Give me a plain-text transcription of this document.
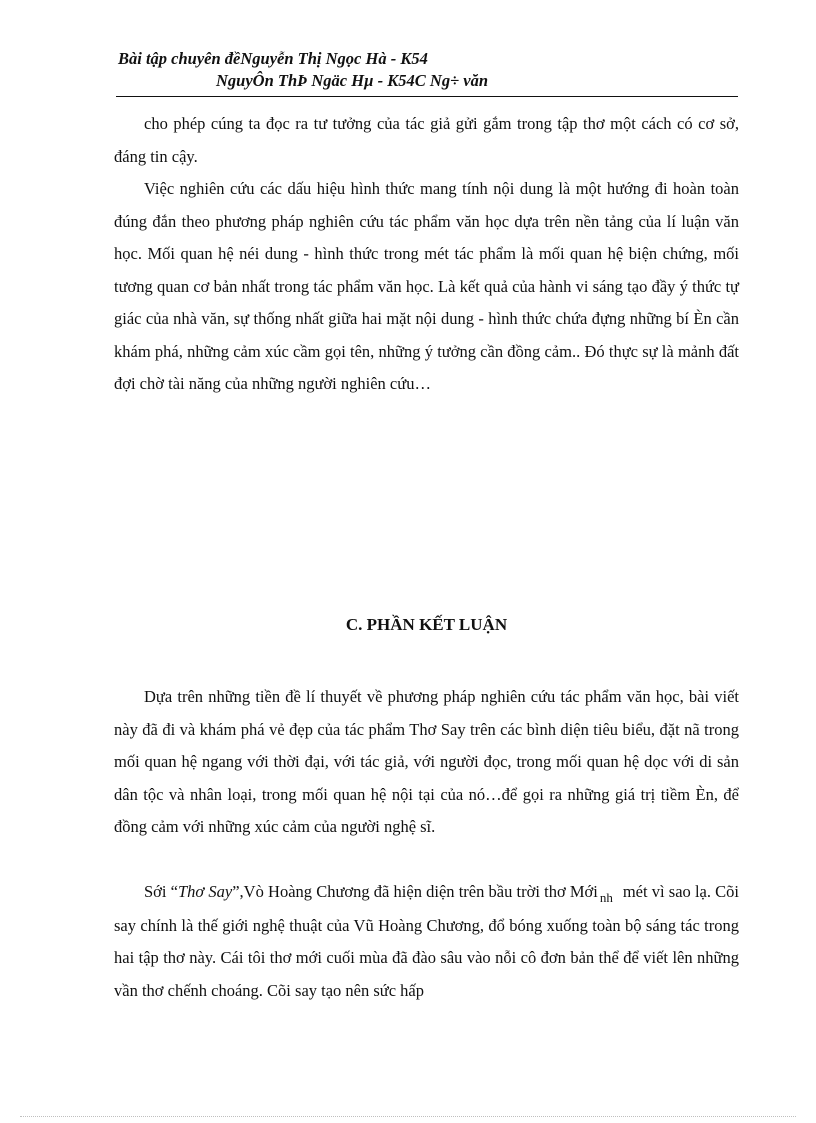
Bài tập chuyên đềNguyễn Thị Ngọc Hà - K54
NguyÔn ThÞ Ngäc Hµ - K54C Ng÷ văn

cho phép cúng ta đọc ra tư tưởng của tác giả gửi gắm trong tập thơ một cách có cơ sở, đáng tin cậy.

Việc nghiên cứu các dấu hiệu hình thức mang tính nội dung là một hướng đi hoàn toàn đúng đắn theo phương pháp nghiên cứu tác phẩm văn học dựa trên nền tảng của lí luận văn học. Mối quan hệ néi dung - hình thức trong mét tác phẩm là mối quan hệ biện chứng, mối tương quan cơ bản nhất trong tác phẩm văn học. Là kết quả của hành vi sáng tạo đầy ý thức tự giác của nhà văn, sự thống nhất giữa hai mặt nội dung - hình thức chứa đựng những bí Èn cần khám phá, những cảm xúc cầm gọi tên, những ý tưởng cần đồng cảm.. Đó thực sự là mảnh đất đợi chờ tài năng của những người nghiên cứu…

C. PHẦN KẾT LUẬN

Dựa trên những tiền đề lí thuyết về phương pháp nghiên cứu tác phẩm văn học, bài viết này đã đi và khám phá vẻ đẹp của tác phẩm Thơ Say trên các bình diện tiêu biểu, đặt nã trong mối quan hệ ngang với thời đại, với tác giả, với người đọc, trong mối quan hệ dọc với di sản dân tộc và nhân loại, trong mối quan hệ nội tại của nó…để gọi ra những giá trị tiềm Èn, để đồng cảm với những xúc cảm của người nghệ sĩ.

Sới “Thơ Say”,Vò Hoàng Chương đã hiện diện trên bầu trời thơ Mới $_{nh}$ mét vì sao lạ. Cõi say chính là thế giới nghệ thuật của Vũ Hoàng Chương, đổ bóng xuống toàn bộ sáng tác trong hai tập thơ này. Cái tôi thơ mới cuối mùa đã đào sâu vào nỗi cô đơn bản thể để viết lên những vần thơ chếnh choáng. Cõi say tạo nên sức hấp
